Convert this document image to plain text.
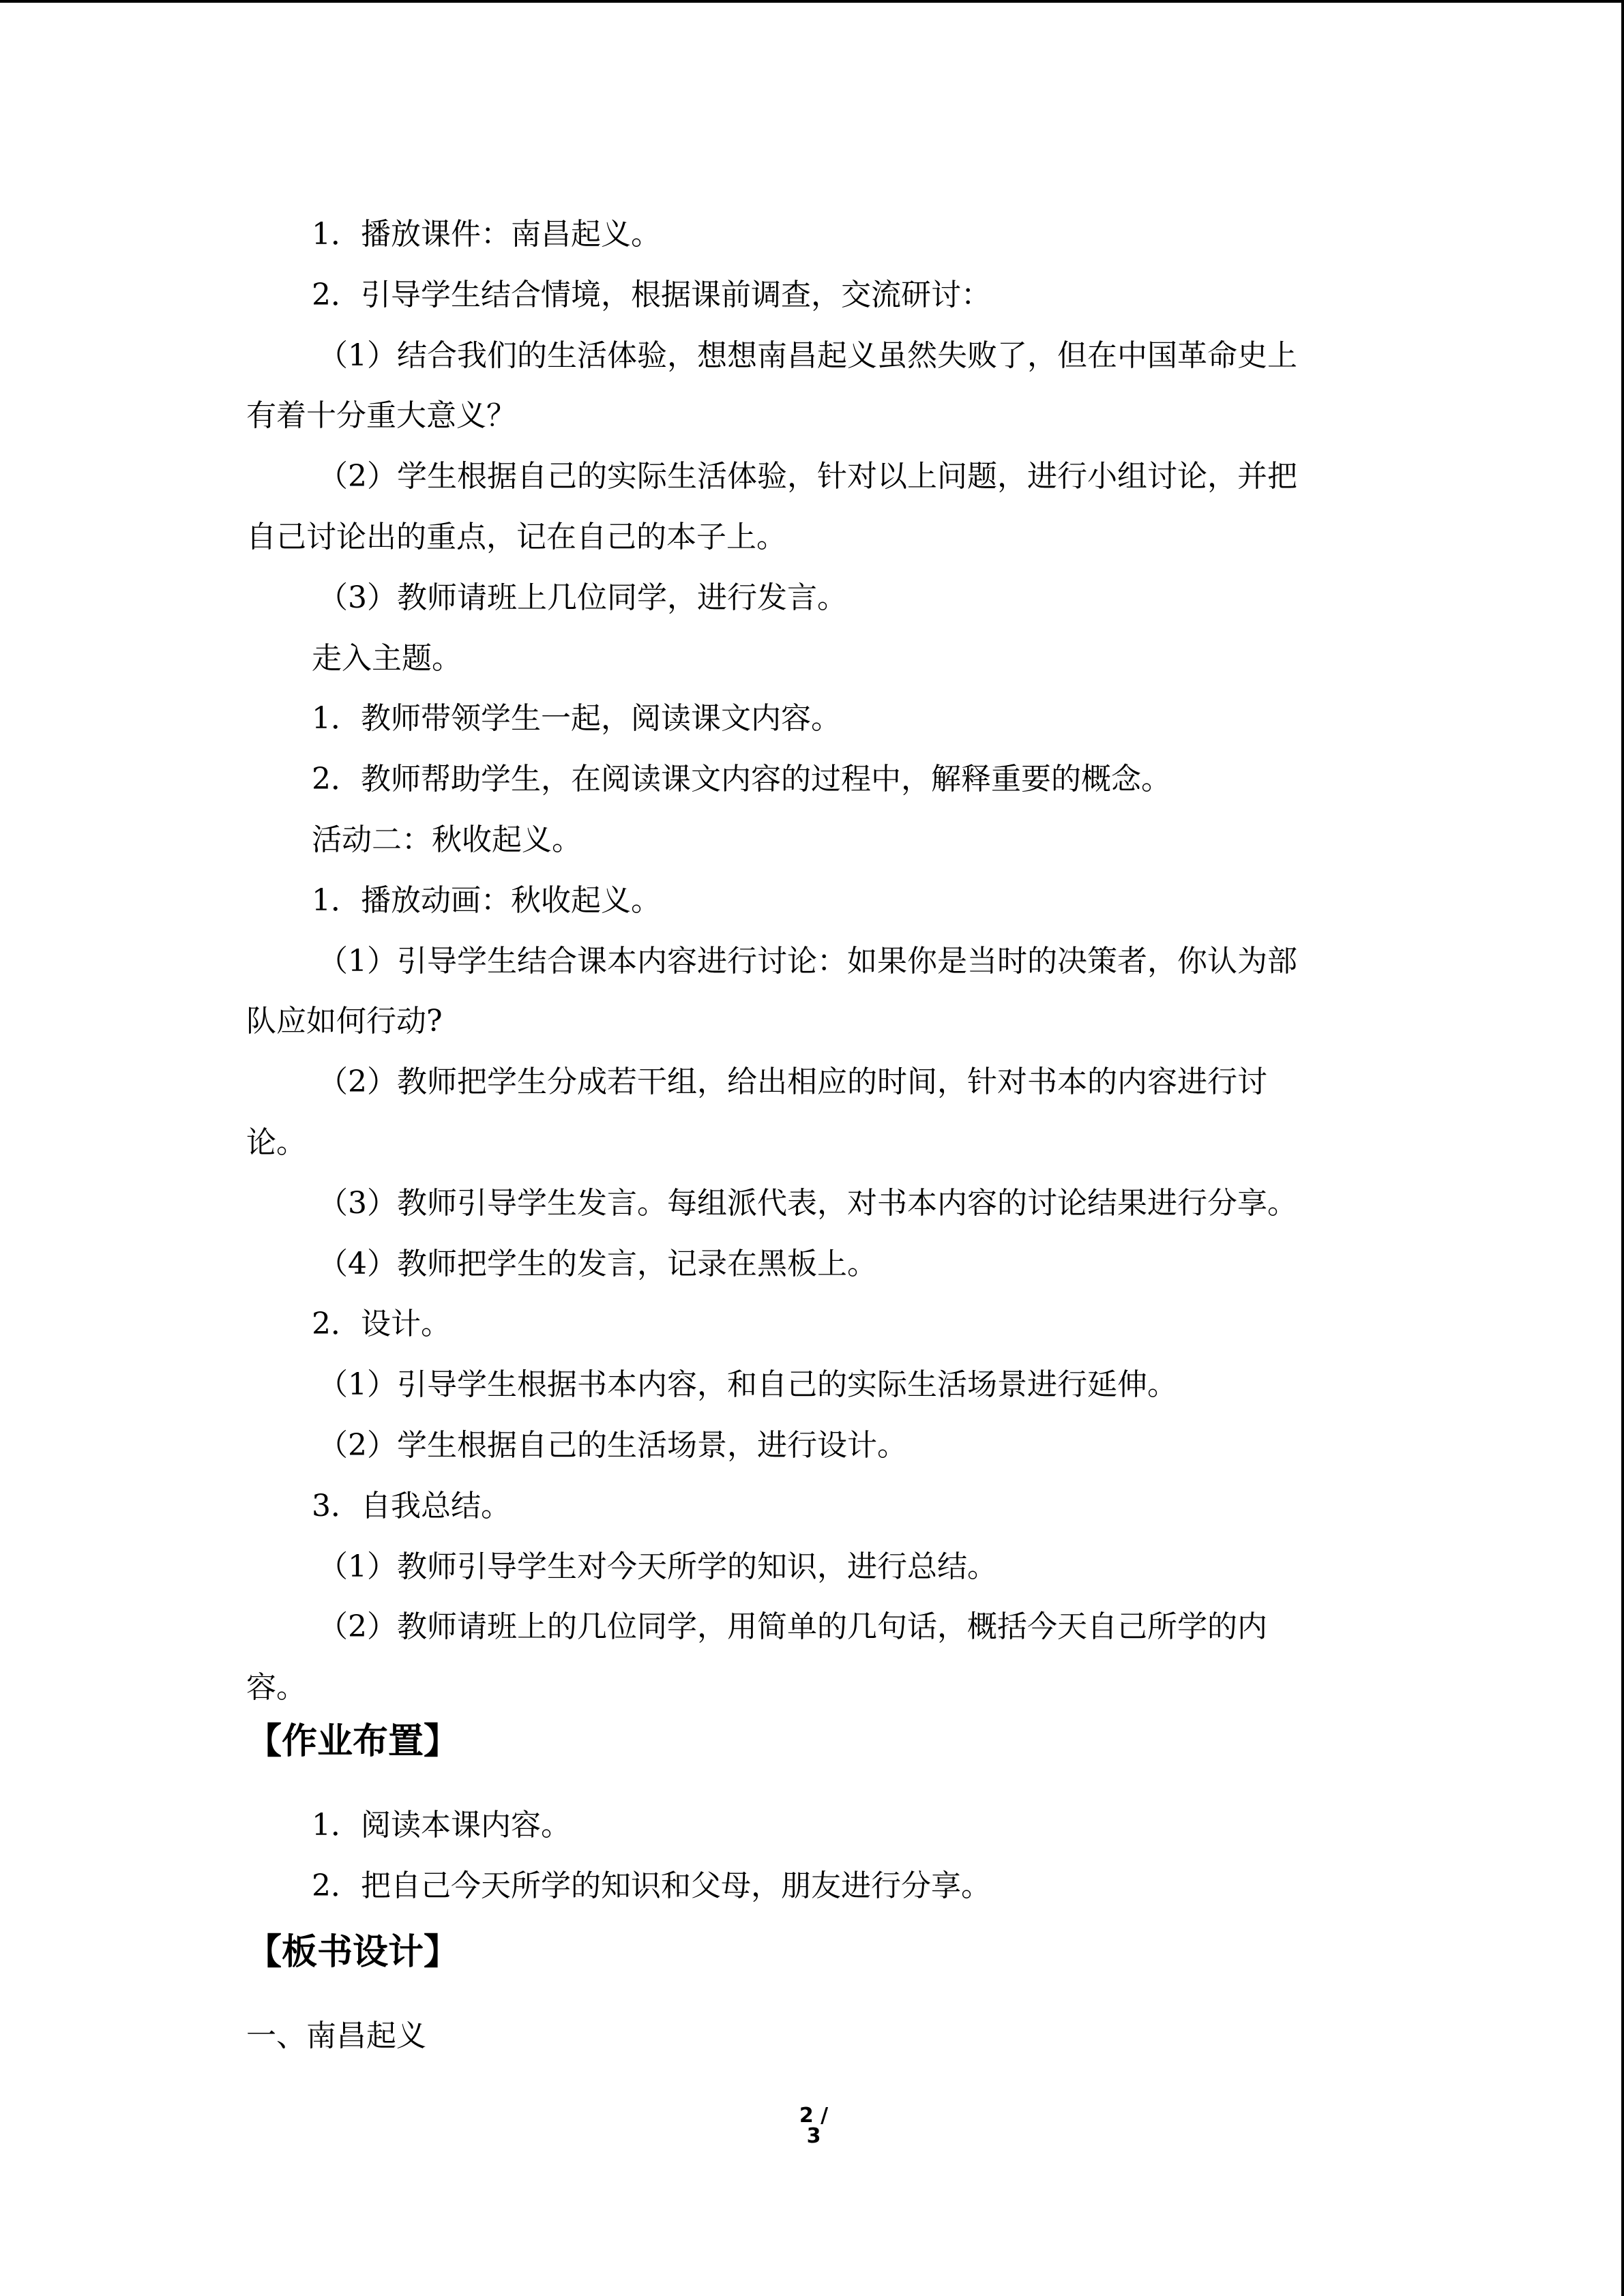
1．播放课件：南昌起义。
2．引导学生结合情境，根据课前调查，交流研讨：
（1）结合我们的生活体验，想想南昌起义虽然失败了，但在中国革命史上
有着十分重大意义？
（2）学生根据自己的实际生活体验，针对以上问题，进行小组讨论，并把
自己讨论出的重点，记在自己的本子上。
（3）教师请班上几位同学，进行发言。
走入主题。
1．教师带领学生一起，阅读课文内容。
2．教师帮助学生，在阅读课文内容的过程中，解释重要的概念。
活动二：秋收起义。
1．播放动画：秋收起义。
（1）引导学生结合课本内容进行讨论：如果你是当时的决策者，你认为部
队应如何行动?
（2）教师把学生分成若干组，给出相应的时间，针对书本的内容进行讨
论。
（3）教师引导学生发言。每组派代表，对书本内容的讨论结果进行分享。
（4）教师把学生的发言，记录在黑板上。
2．设计。
（1）引导学生根据书本内容，和自己的实际生活场景进行延伸。
（2）学生根据自己的生活场景，进行设计。
3．自我总结。
（1）教师引导学生对今天所学的知识，进行总结。
（2）教师请班上的几位同学，用简单的几句话，概括今天自己所学的内
容。
【作业布置】
1．阅读本课内容。
2．把自己今天所学的知识和父母，朋友进行分享。
【板书设计】
一、南昌起义
2 / 3
